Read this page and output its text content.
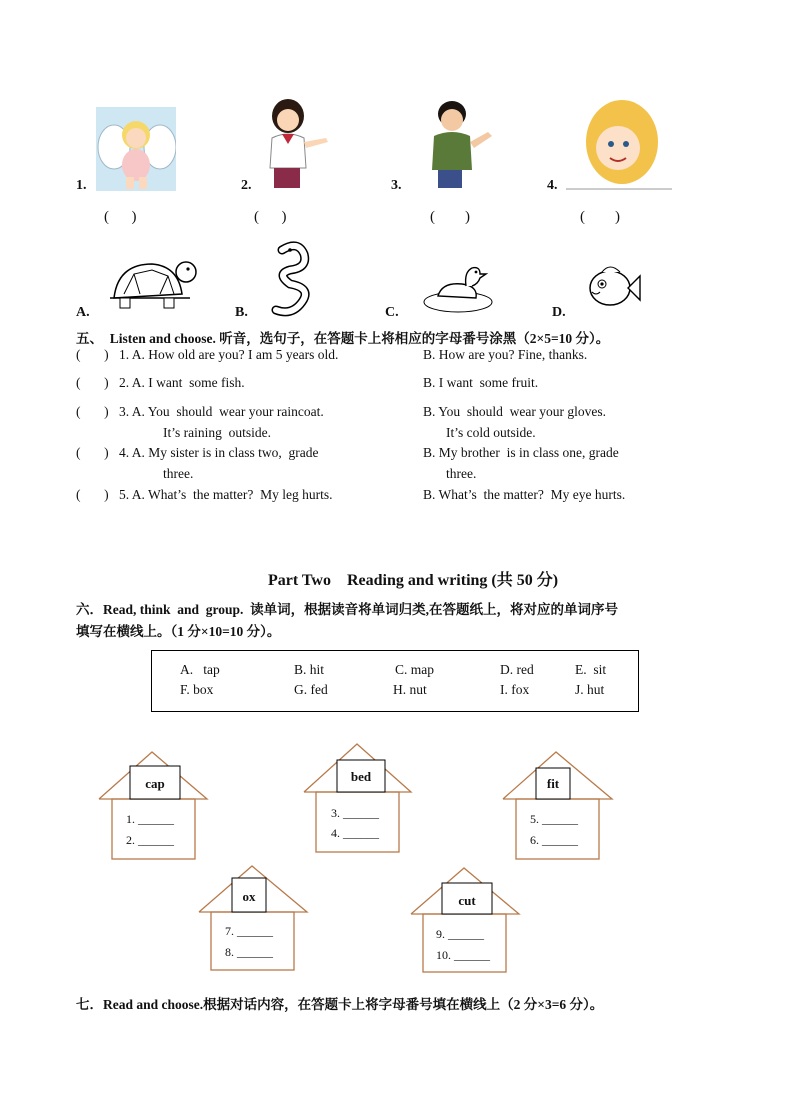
1.	2.	3.	4.
(      )	(      )	(        )	(        )
A.	B.	C.	D.
五、  Listen and choose. 听音，选句子，在答题卡上将相应的字母番号涂黑（2×5=10 分）。
(       ) 1. A. How old are you? I am 5 years old.	B. How are you? Fine, thanks.
(       ) 2. A. I want  some fish.	B. I want  some fruit.
(       ) 3. A. You  should  wear your raincoat.
It’s raining  outside.
B. You  should  wear your gloves.
It’s cold outside.
(       ) 4. A. My sister is in class two,  grade
three.
B. My brother  is in class one, grade
three.
(       ) 5. A. What’s  the matter?  My leg hurts.	B. What’s  the matter?  My eye hurts.
Part Two    Reading and writing (共 50 分)
六．Read, think  and  group.  读单词，根据读音将单词归类,在答题纸上，将对应的单词序号
填写在横线上。（1 分×10=10 分）。
A.   tap	B. hit	C. map	D. red	E.  sit
F. box	G. fed	H. nut	I. fox	J. hut
cap
1. ______
2. ______
bed
3. ______
4. ______
fit
5. ______
6. ______
ox
7. ______
8. ______
cut
9. ______
10. ______
七．Read and choose.根据对话内容，在答题卡上将字母番号填在横线上（2 分×3=6 分）。
